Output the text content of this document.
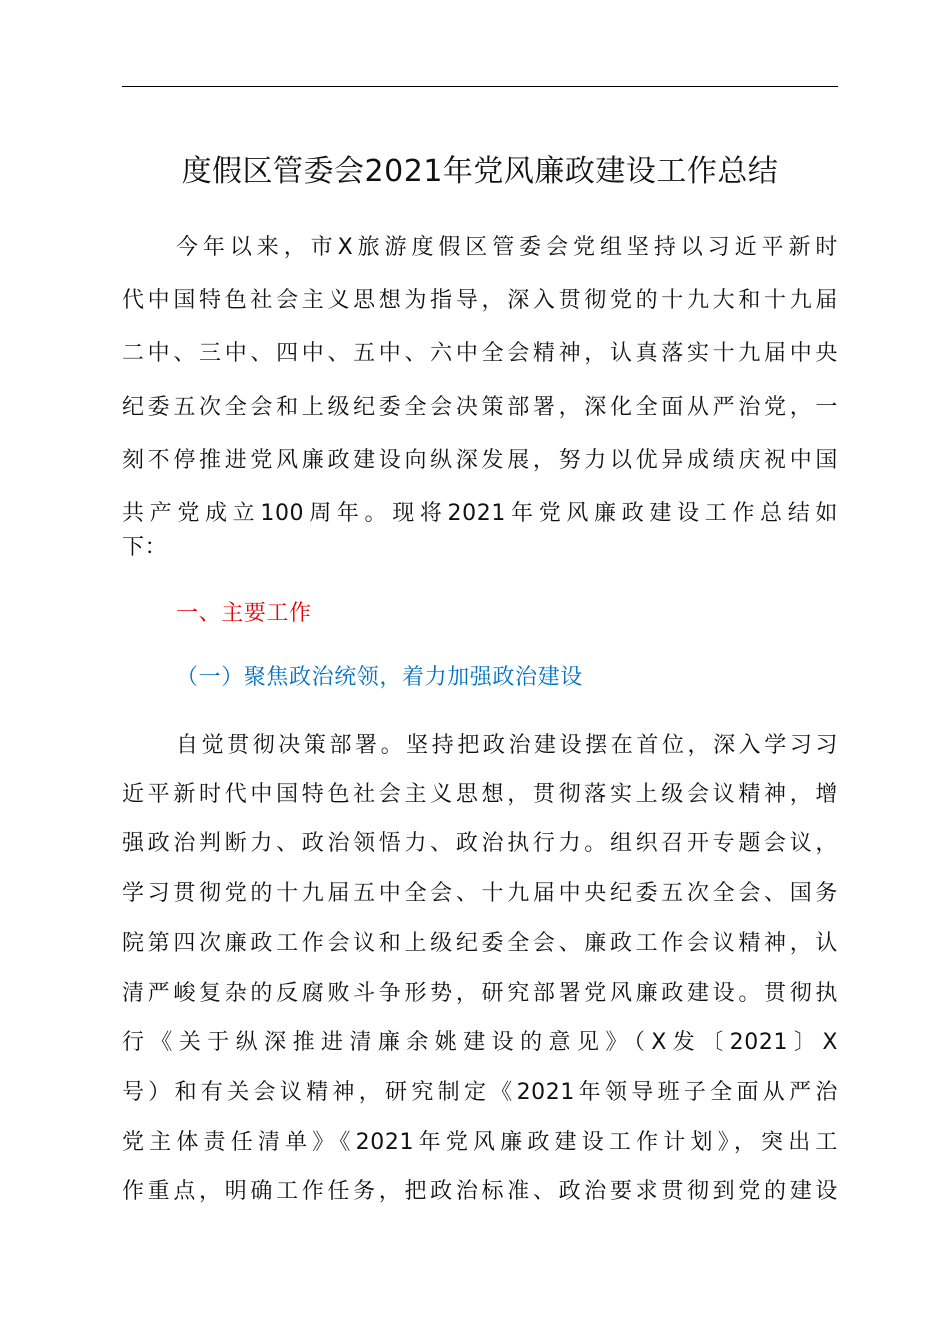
度假区管委会2021年党风廉政建设工作总结
今年以来，市X旅游度假区管委会党组坚持以习近平新时
代中国特色社会主义思想为指导，深入贯彻党的十九大和十九届
二中、三中、四中、五中、六中全会精神，认真落实十九届中央
纪委五次全会和上级纪委全会决策部署，深化全面从严治党，一
刻不停推进党风廉政建设向纵深发展，努力以优异成绩庆祝中国
共产党成立100周年。现将2021年党风廉政建设工作总结如
下：
一、主要工作
（一）聚焦政治统领，着力加强政治建设
自觉贯彻决策部署。坚持把政治建设摆在首位，深入学习习
近平新时代中国特色社会主义思想，贯彻落实上级会议精神，增
强政治判断力、政治领悟力、政治执行力。组织召开专题会议，
学习贯彻党的十九届五中全会、十九届中央纪委五次全会、国务
院第四次廉政工作会议和上级纪委全会、廉政工作会议精神，认
清严峻复杂的反腐败斗争形势，研究部署党风廉政建设。贯彻执
行《关于纵深推进清廉余姚建设的意见》（X发〔2021〕X
号）和有关会议精神，研究制定《2021年领导班子全面从严治
党主体责任清单》《2021年党风廉政建设工作计划》，突出工
作重点，明确工作任务，把政治标准、政治要求贯彻到党的建设
